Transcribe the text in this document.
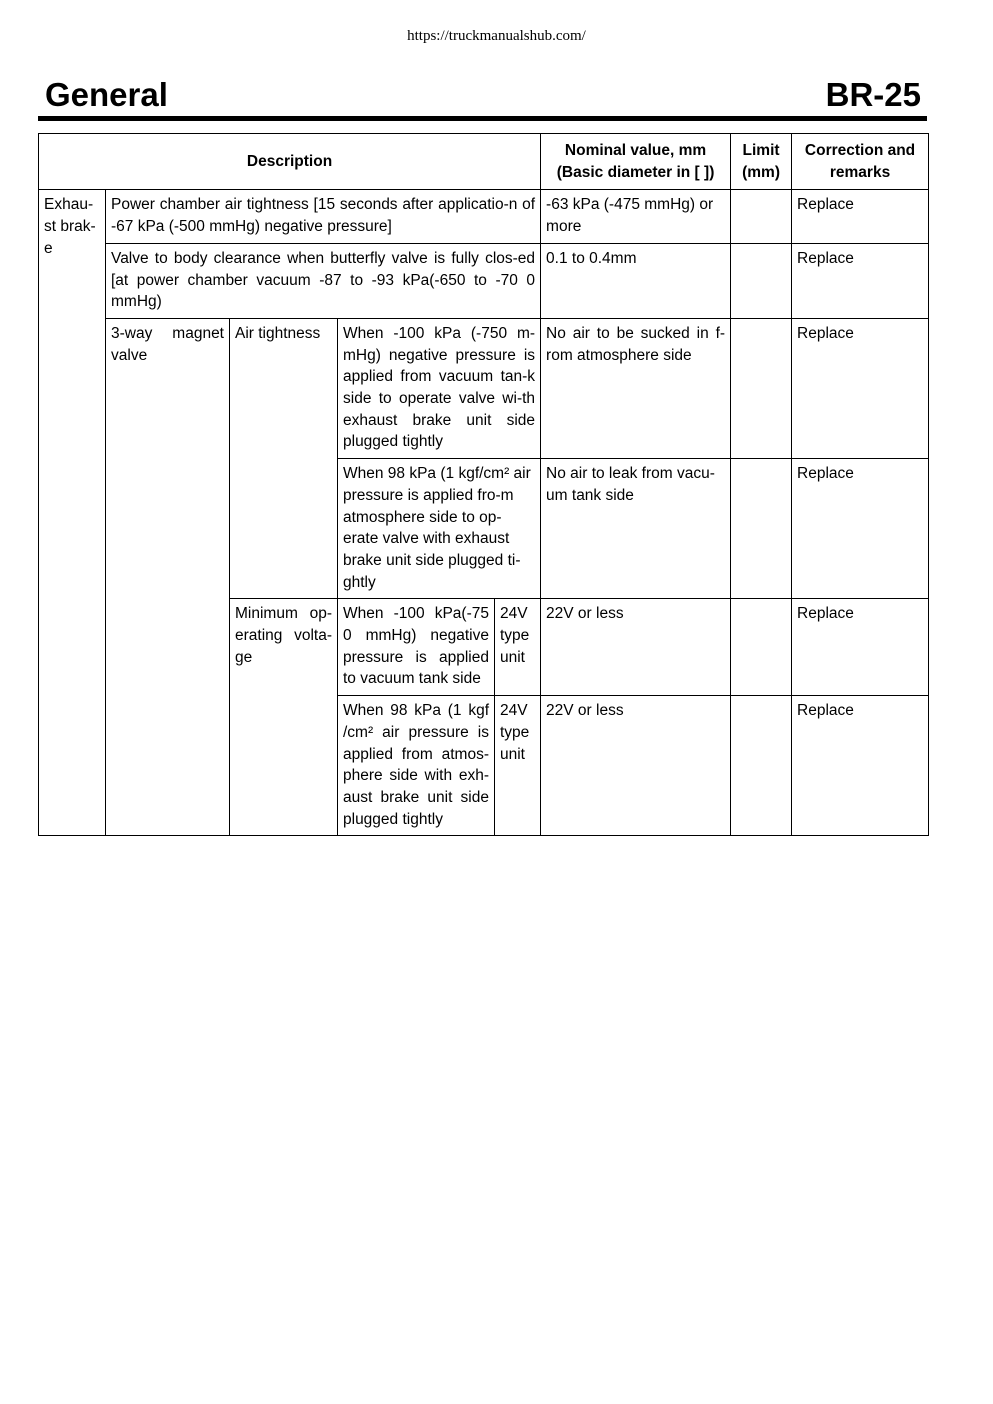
https://truckmanualshub.com/
General	BR-25
Description					Nominal value, mm (Basic diameter in [ ])	Limit (mm)	Correction and remarks
Exhau-st brak-e	Power chamber air tightness [15 seconds after applicatio-n of -67 kPa (-500 mmHg) negative pressure]				-63 kPa (-475 mmHg) or more		Replace
	Valve to body clearance when butterfly valve is fully clos-ed [at power chamber vacuum -87 to -93 kPa(-650 to -70 0 mmHg)				0.1 to 0.4mm		Replace
	3-way magnet valve	Air tightness	When -100 kPa (-750 m-mHg) negative pressure is applied from vacuum tan-k side to operate valve wi-th exhaust brake unit side plugged tightly		No air to be sucked in f-rom atmosphere side		Replace
			When 98 kPa (1 kgf/cm² air pressure is applied fro-m atmosphere side to op-erate valve with exhaust brake unit side plugged ti-ghtly		No air to leak from vacu-um tank side		Replace
		Minimum op-erating volta-ge	When -100 kPa(-75 0 mmHg) negative pressure is applied to vacuum tank side	24V type unit	22V or less		Replace
			When 98 kPa (1 kgf /cm² air pressure is applied from atmos-phere side with exh-aust brake unit side plugged tightly	24V type unit	22V or less		Replace
